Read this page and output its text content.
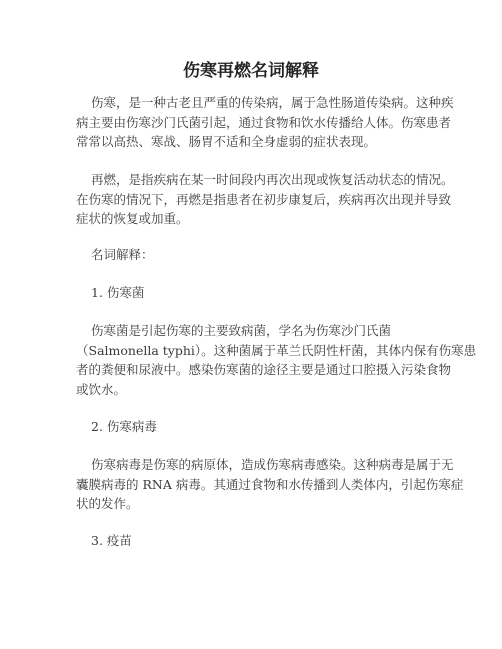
伤寒再燃名词解释
伤寒，是一种古老且严重的传染病，属于急性肠道传染病。这种疾
病主要由伤寒沙门氏菌引起，通过食物和饮水传播给人体。伤寒患者
常常以高热、寒战、肠胃不适和全身虚弱的症状表现。
再燃，是指疾病在某一时间段内再次出现或恢复活动状态的情况。
在伤寒的情况下，再燃是指患者在初步康复后，疾病再次出现并导致
症状的恢复或加重。
名词解释：
1. 伤寒菌
伤寒菌是引起伤寒的主要致病菌，学名为伤寒沙门氏菌
（Salmonella typhi）。这种菌属于革兰氏阴性杆菌，其体内保有伤寒患
者的粪便和尿液中。感染伤寒菌的途径主要是通过口腔摄入污染食物
或饮水。
2. 伤寒病毒
伤寒病毒是伤寒的病原体，造成伤寒病毒感染。这种病毒是属于无
囊膜病毒的 RNA 病毒。其通过食物和水传播到人类体内，引起伤寒症
状的发作。
3. 疫苗
